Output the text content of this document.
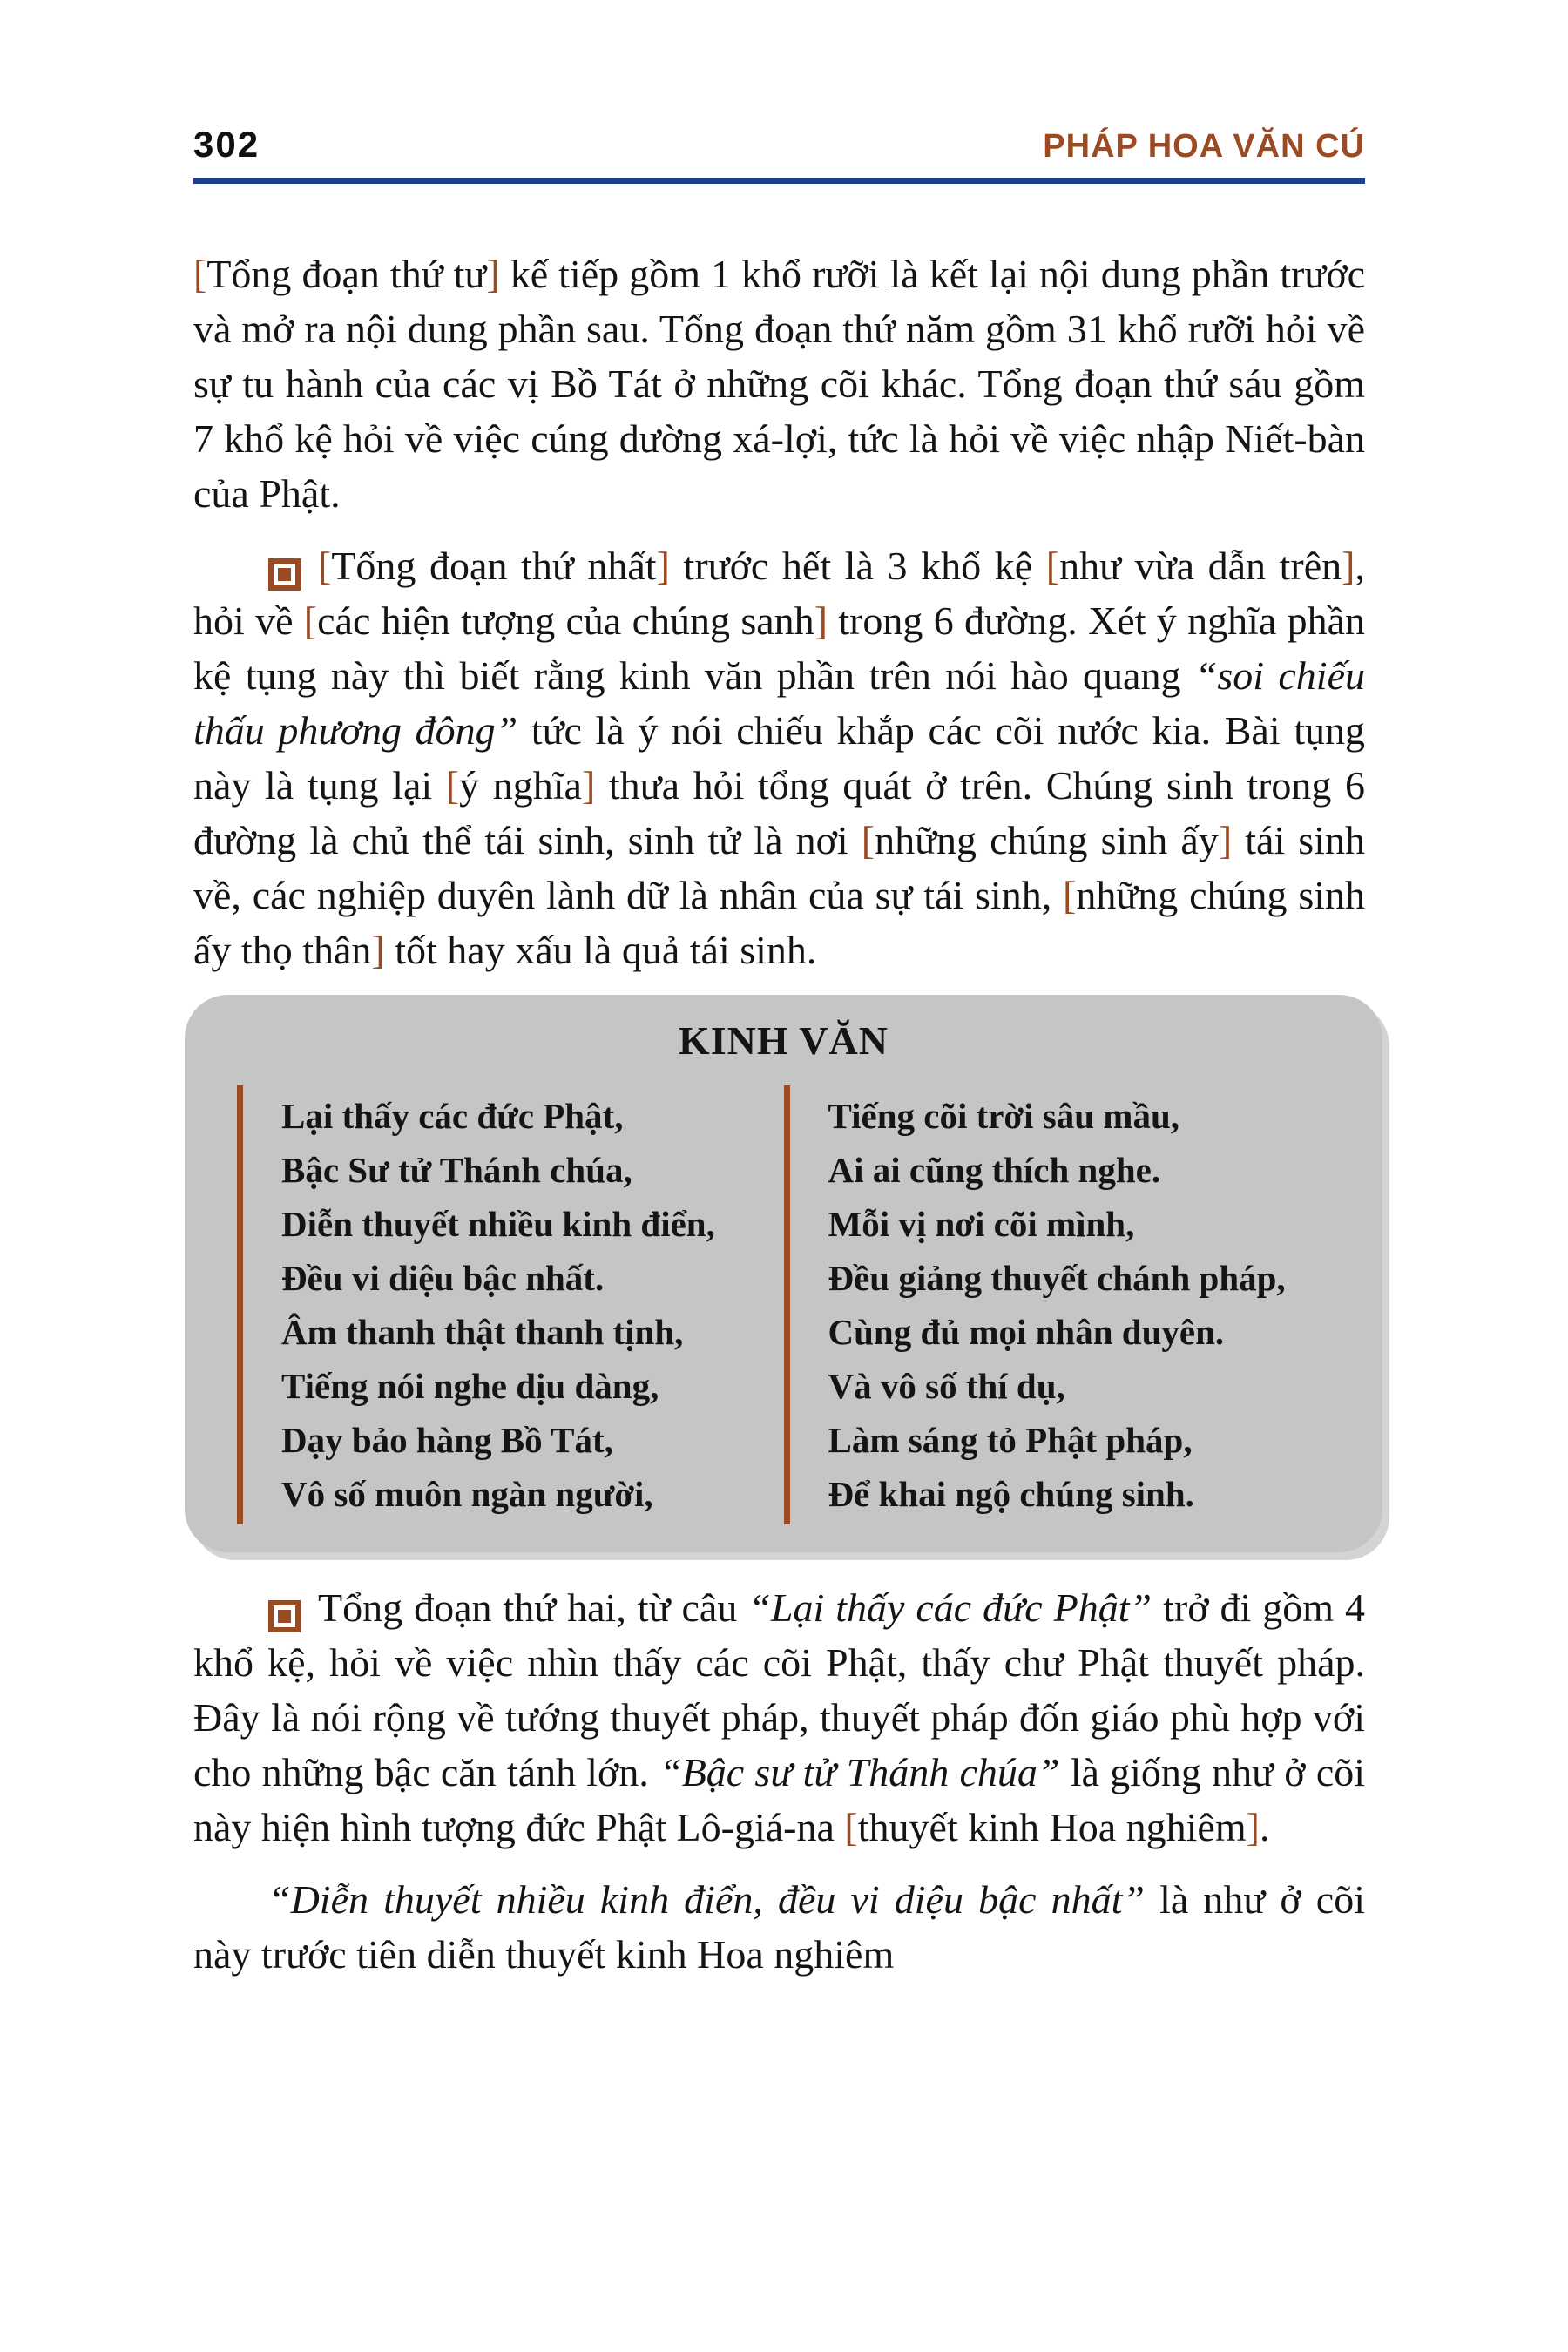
302	PHÁP HOA VĂN CÚ

[Tổng đoạn thứ tư] kế tiếp gồm 1 khổ rưỡi là kết lại nội dung phần trước và mở ra nội dung phần sau. Tổng đoạn thứ năm gồm 31 khổ rưỡi hỏi về sự tu hành của các vị Bồ Tát ở những cõi khác. Tổng đoạn thứ sáu gồm 7 khổ kệ hỏi về việc cúng dường xá-lợi, tức là hỏi về việc nhập Niết-bàn của Phật.

[Tổng đoạn thứ nhất] trước hết là 3 khổ kệ [như vừa dẫn trên], hỏi về [các hiện tượng của chúng sanh] trong 6 đường. Xét ý nghĩa phần kệ tụng này thì biết rằng kinh văn phần trên nói hào quang “soi chiếu thấu phương đông” tức là ý nói chiếu khắp các cõi nước kia. Bài tụng này là tụng lại [ý nghĩa] thưa hỏi tổng quát ở trên. Chúng sinh trong 6 đường là chủ thể tái sinh, sinh tử là nơi [những chúng sinh ấy] tái sinh về, các nghiệp duyên lành dữ là nhân của sự tái sinh, [những chúng sinh ấy thọ thân] tốt hay xấu là quả tái sinh.

KINH VĂN
Lại thấy các đức Phật,
Bậc Sư tử Thánh chúa,
Diễn thuyết nhiều kinh điển,
Đều vi diệu bậc nhất.
Âm thanh thật thanh tịnh,
Tiếng nói nghe dịu dàng,
Dạy bảo hàng Bồ Tát,
Vô số muôn ngàn người,
Tiếng cõi trời sâu mầu,
Ai ai cũng thích nghe.
Mỗi vị nơi cõi mình,
Đều giảng thuyết chánh pháp,
Cùng đủ mọi nhân duyên.
Và vô số thí dụ,
Làm sáng tỏ Phật pháp,
Để khai ngộ chúng sinh.

Tổng đoạn thứ hai, từ câu “Lại thấy các đức Phật” trở đi gồm 4 khổ kệ, hỏi về việc nhìn thấy các cõi Phật, thấy chư Phật thuyết pháp. Đây là nói rộng về tướng thuyết pháp, thuyết pháp đốn giáo phù hợp với cho những bậc căn tánh lớn. “Bậc sư tử Thánh chúa” là giống như ở cõi này hiện hình tượng đức Phật Lô-giá-na [thuyết kinh Hoa nghiêm].

“Diễn thuyết nhiều kinh điển, đều vi diệu bậc nhất” là như ở cõi này trước tiên diễn thuyết kinh Hoa nghiêm
